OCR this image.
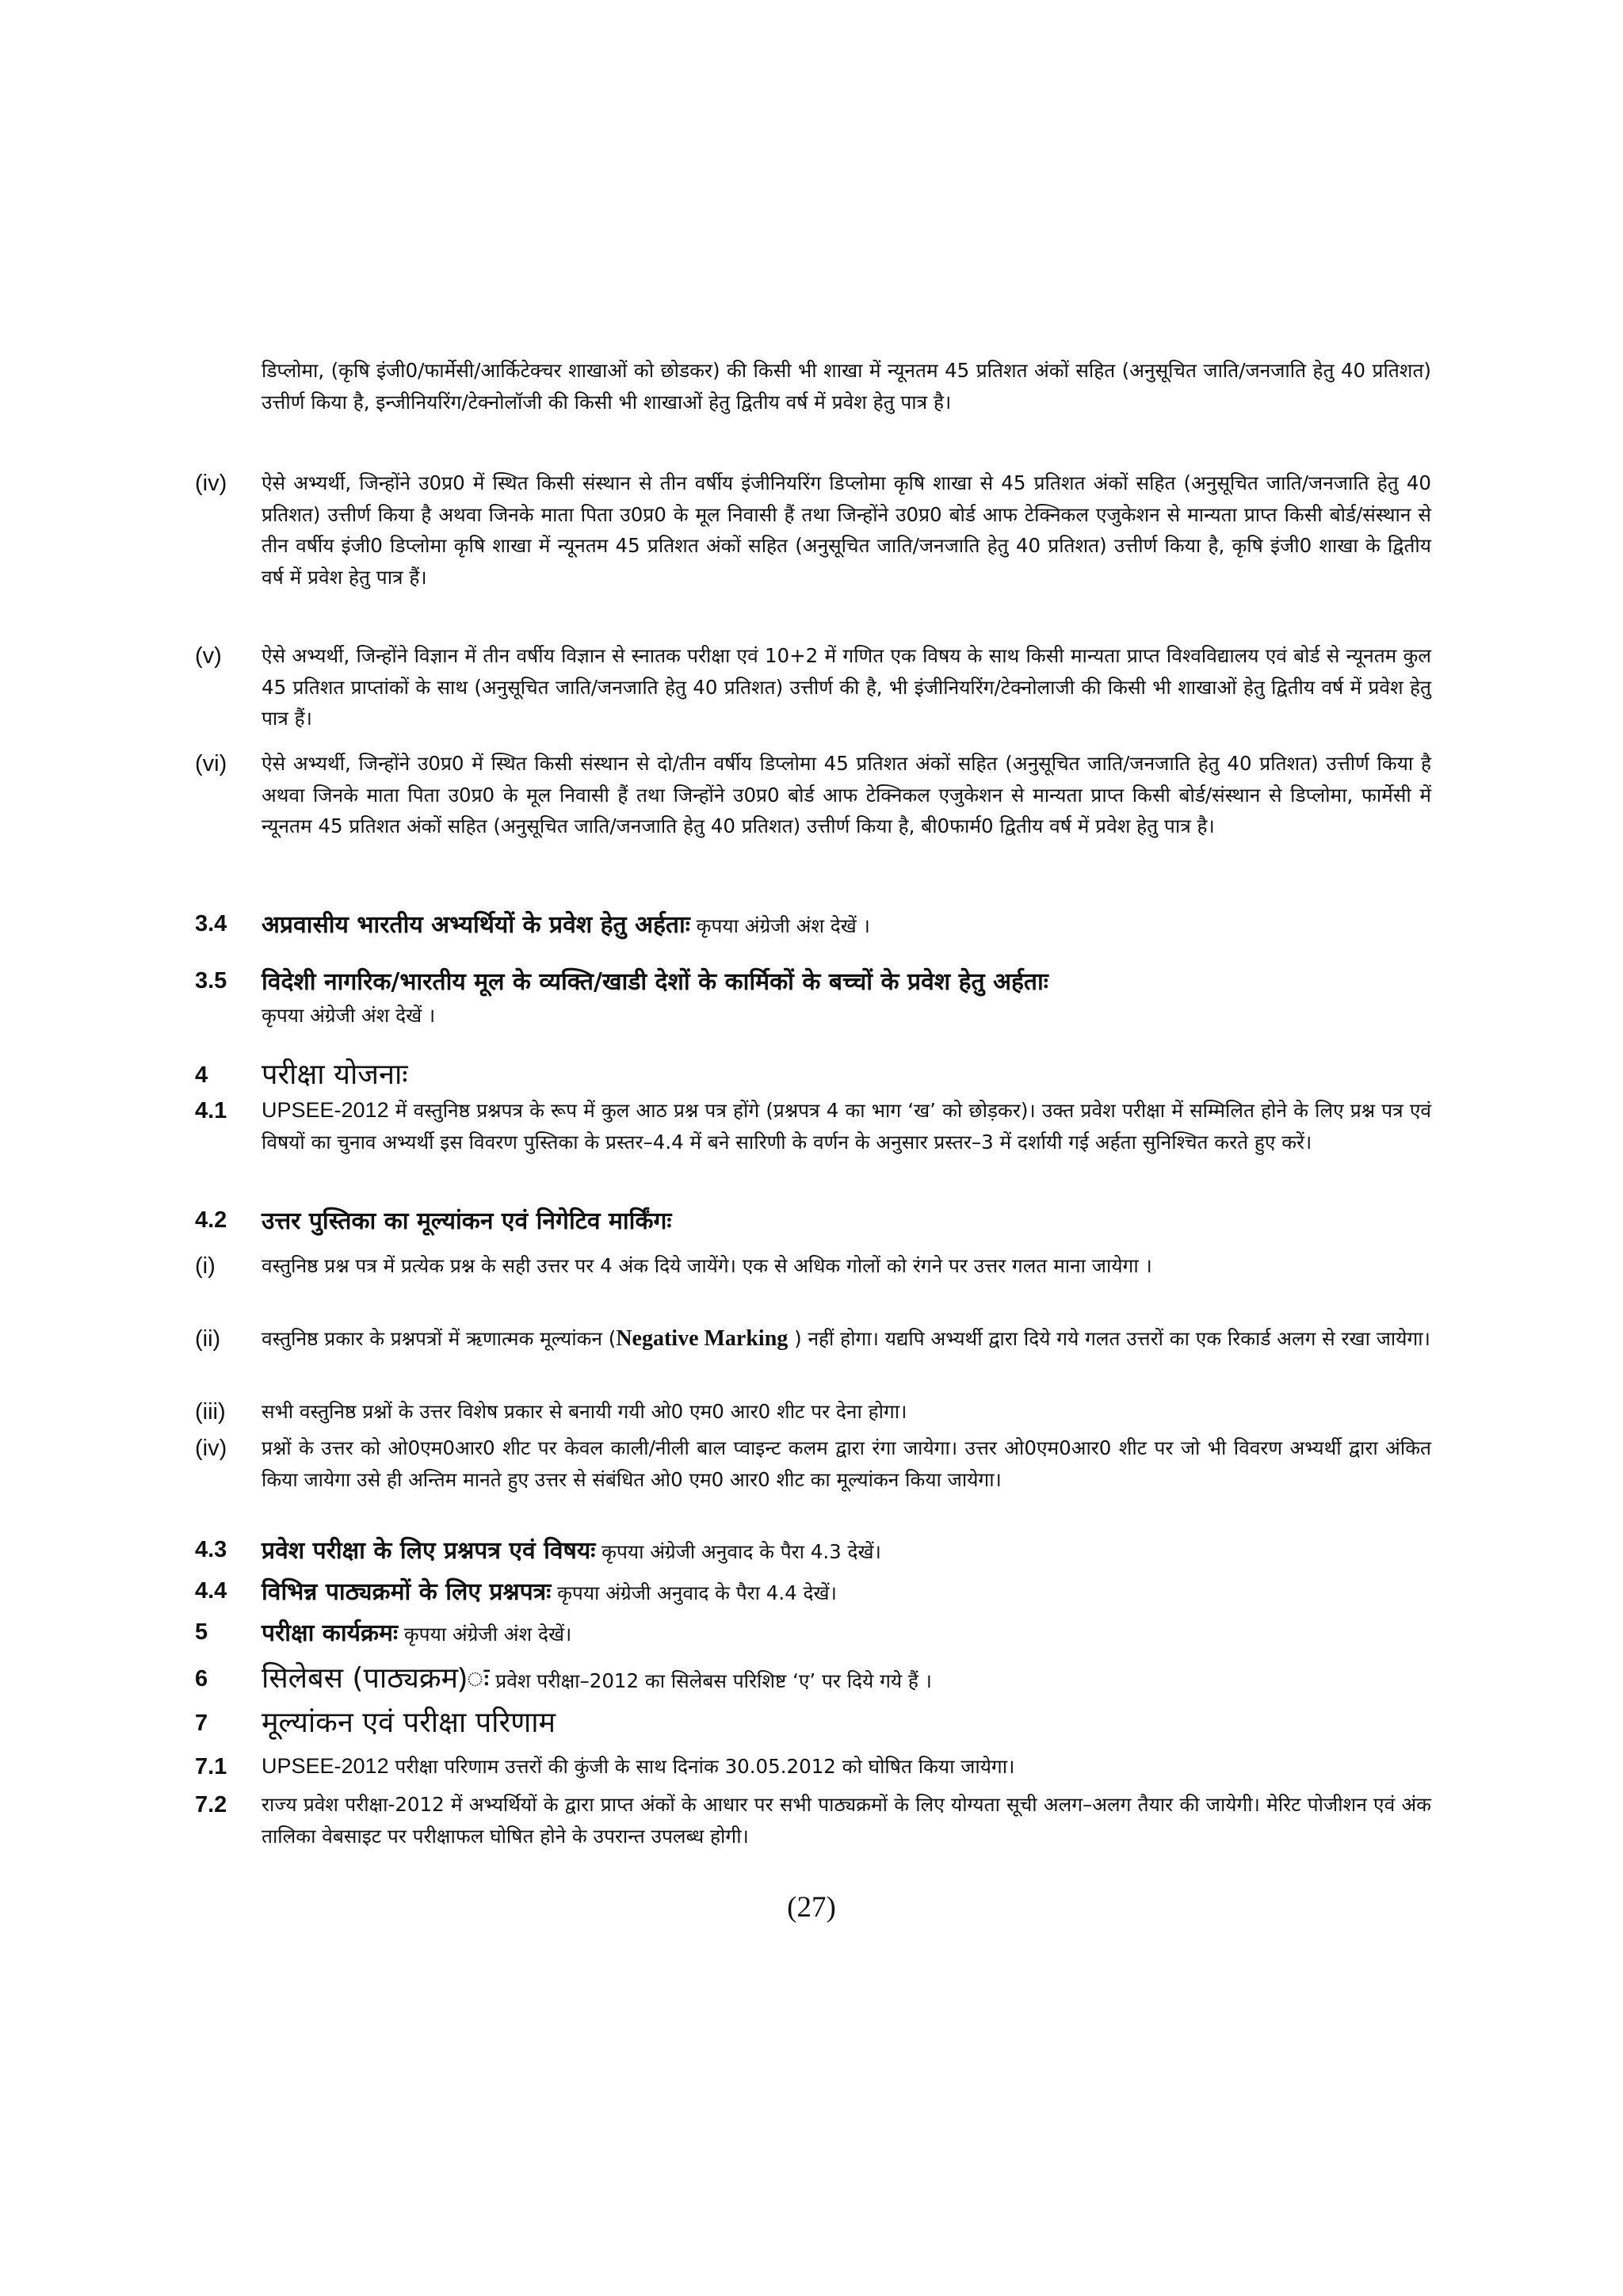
डिप्लोमा, (कृषि इंजी0/फार्मेसी/आर्किटेक्चर शाखाओं को छोडकर) की किसी भी शाखा में न्यूनतम 45 प्रतिशत अंकों सहित (अनुसूचित जाति/जनजाति हेतु 40 प्रतिशत) उत्तीर्ण किया है, इन्जीनियरिंग/टेक्नोलॉजी की किसी भी शाखाओं हेतु द्वितीय वर्ष में प्रवेश हेतु पात्र है।
(iv)	ऐसे अभ्यर्थी, जिन्होंने उ0प्र0 में स्थित किसी संस्थान से तीन वर्षीय इंजीनियरिंग डिप्लोमा कृषि शाखा से 45 प्रतिशत अंकों सहित (अनुसूचित जाति/जनजाति हेतु 40 प्रतिशत) उत्तीर्ण किया है अथवा जिनके माता पिता उ0प्र0 के मूल निवासी हैं तथा जिन्होंने उ0प्र0 बोर्ड आफ टेक्निकल एजुकेशन से मान्यता प्राप्त किसी बोर्ड/संस्थान से तीन वर्षीय इंजी0 डिप्लोमा कृषि शाखा में न्यूनतम 45 प्रतिशत अंकों सहित (अनुसूचित जाति/जनजाति हेतु 40 प्रतिशत) उत्तीर्ण किया है, कृषि इंजी0 शाखा के द्वितीय वर्ष में प्रवेश हेतु पात्र हैं।
(v)	ऐसे अभ्यर्थी, जिन्होंने विज्ञान में तीन वर्षीय विज्ञान से स्नातक परीक्षा एवं 10+2 में गणित एक विषय के साथ किसी मान्यता प्राप्त विश्वविद्यालय एवं बोर्ड से न्यूनतम कुल 45 प्रतिशत प्राप्तांकों के साथ (अनुसूचित जाति/जनजाति हेतु 40 प्रतिशत) उत्तीर्ण की है, भी इंजीनियरिंग/टेक्नोलाजी की किसी भी शाखाओं हेतु द्वितीय वर्ष में प्रवेश हेतु पात्र हैं।
(vi)	ऐसे अभ्यर्थी, जिन्होंने उ0प्र0 में स्थित किसी संस्थान से दो/तीन वर्षीय डिप्लोमा 45 प्रतिशत अंकों सहित (अनुसूचित जाति/जनजाति हेतु 40 प्रतिशत) उत्तीर्ण किया है अथवा जिनके माता पिता उ0प्र0 के मूल निवासी हैं तथा जिन्होंने उ0प्र0 बोर्ड आफ टेक्निकल एजुकेशन से मान्यता प्राप्त किसी बोर्ड/संस्थान से डिप्लोमा, फार्मेसी में न्यूनतम 45 प्रतिशत अंकों सहित (अनुसूचित जाति/जनजाति हेतु 40 प्रतिशत) उत्तीर्ण किया है, बी0फार्म0 द्वितीय वर्ष में प्रवेश हेतु पात्र है।
3.4	अप्रवासीय भारतीय अभ्यर्थियों के प्रवेश हेतु अर्हताः कृपया अंग्रेजी अंश देखें ।
3.5	विदेशी नागरिक/भारतीय मूल के व्यक्ति/खाडी देशों के कार्मिकों के बच्चों के प्रवेश हेतु अर्हताः
कृपया अंग्रेजी अंश देखें ।
4	परीक्षा योजनाः
4.1	UPSEE-2012 में वस्तुनिष्ठ प्रश्नपत्र के रूप में कुल आठ प्रश्न पत्र होंगे (प्रश्नपत्र 4 का भाग ‘ख’ को छोड़कर)। उक्त प्रवेश परीक्षा में सम्मिलित होने के लिए प्रश्न पत्र एवं विषयों का चुनाव अभ्यर्थी इस विवरण पुस्तिका के प्रस्तर–4.4 में बने सारिणी के वर्णन के अनुसार प्रस्तर–3 में दर्शायी गई अर्हता सुनिश्चित करते हुए करें।
4.2	उत्तर पुस्तिका का मूल्यांकन एवं निगेटिव मार्किंगः
(i)	वस्तुनिष्ठ प्रश्न पत्र में प्रत्येक प्रश्न के सही उत्तर पर 4 अंक दिये जायेंगे। एक से अधिक गोलों को रंगने पर उत्तर गलत माना जायेगा ।
(ii)	वस्तुनिष्ठ प्रकार के प्रश्नपत्रों में ऋणात्मक मूल्यांकन (Negative Marking ) नहीं होगा। यद्यपि अभ्यर्थी द्वारा दिये गये गलत उत्तरों का एक रिकार्ड अलग से रखा जायेगा।
(iii)	सभी वस्तुनिष्ठ प्रश्नों के उत्तर विशेष प्रकार से बनायी गयी ओ0 एम0 आर0 शीट पर देना होगा।
(iv)	प्रश्नों के उत्तर को ओ0एम0आर0 शीट पर केवल काली/नीली बाल प्वाइन्ट कलम द्वारा रंगा जायेगा। उत्तर ओ0एम0आर0 शीट पर जो भी विवरण अभ्यर्थी द्वारा अंकित किया जायेगा उसे ही अन्तिम मानते हुए उत्तर से संबंधित ओ0 एम0 आर0 शीट का मूल्यांकन किया जायेगा।
4.3	प्रवेश परीक्षा के लिए प्रश्नपत्र एवं विषयः कृपया अंग्रेजी अनुवाद के पैरा 4.3 देखें।
4.4	विभिन्न पाठ्यक्रमों के लिए प्रश्नपत्रः कृपया अंग्रेजी अनुवाद के पैरा 4.4 देखें।
5	परीक्षा कार्यक्रमः कृपया अंग्रेजी अंश देखें।
6	सिलेबस (पाठ्यक्रम)ः प्रवेश परीक्षा–2012 का सिलेबस परिशिष्ट ‘ए’ पर दिये गये हैं ।
7	मूल्यांकन एवं परीक्षा परिणाम
7.1	UPSEE-2012 परीक्षा परिणाम उत्तरों की कुंजी के साथ दिनांक 30.05.2012 को घोषित किया जायेगा।
7.2	राज्य प्रवेश परीक्षा-2012 में अभ्यर्थियों के द्वारा प्राप्त अंकों के आधार पर सभी पाठ्यक्रमों के लिए योग्यता सूची अलग–अलग तैयार की जायेगी। मेरिट पोजीशन एवं अंक तालिका वेबसाइट पर परीक्षाफल घोषित होने के उपरान्त उपलब्ध होगी।
(27)
